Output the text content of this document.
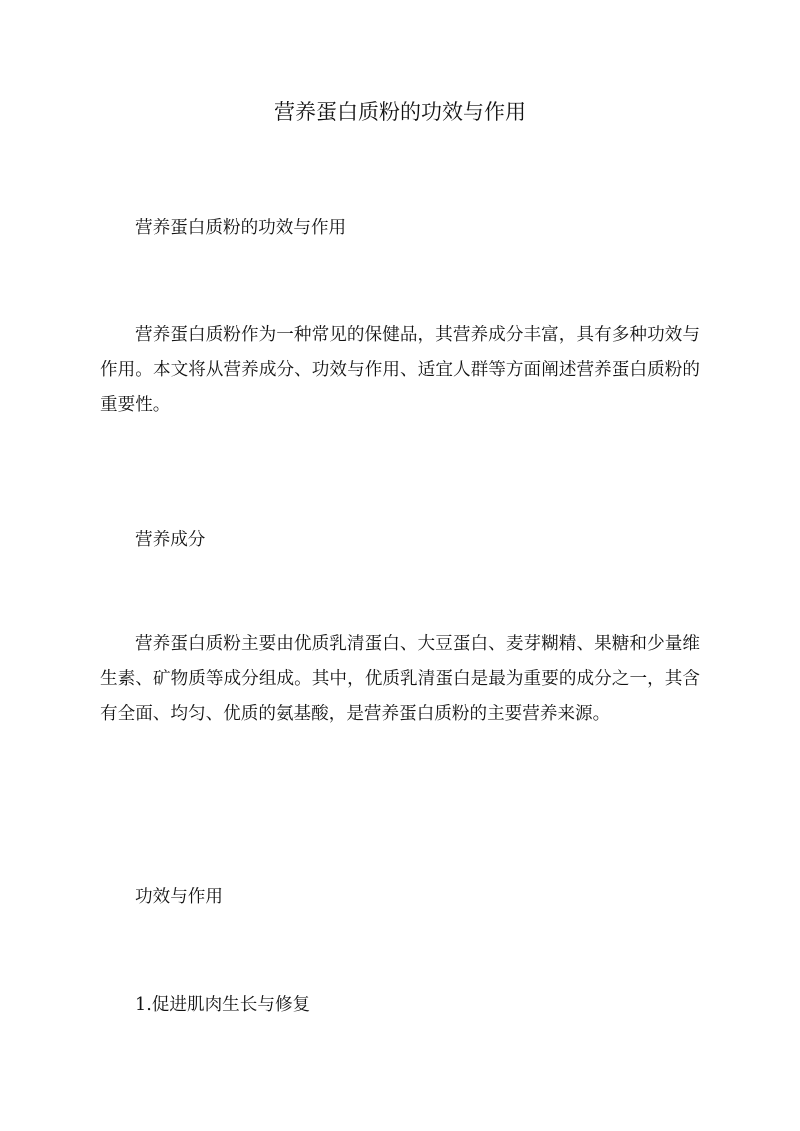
营养蛋白质粉的功效与作用

营养蛋白质粉的功效与作用

营养蛋白质粉作为一种常见的保健品，其营养成分丰富，具有多种功效与作用。本文将从营养成分、功效与作用、适宜人群等方面阐述营养蛋白质粉的重要性。

营养成分

营养蛋白质粉主要由优质乳清蛋白、大豆蛋白、麦芽糊精、果糖和少量维生素、矿物质等成分组成。其中，优质乳清蛋白是最为重要的成分之一，其含有全面、均匀、优质的氨基酸，是营养蛋白质粉的主要营养来源。

功效与作用

1.促进肌肉生长与修复
